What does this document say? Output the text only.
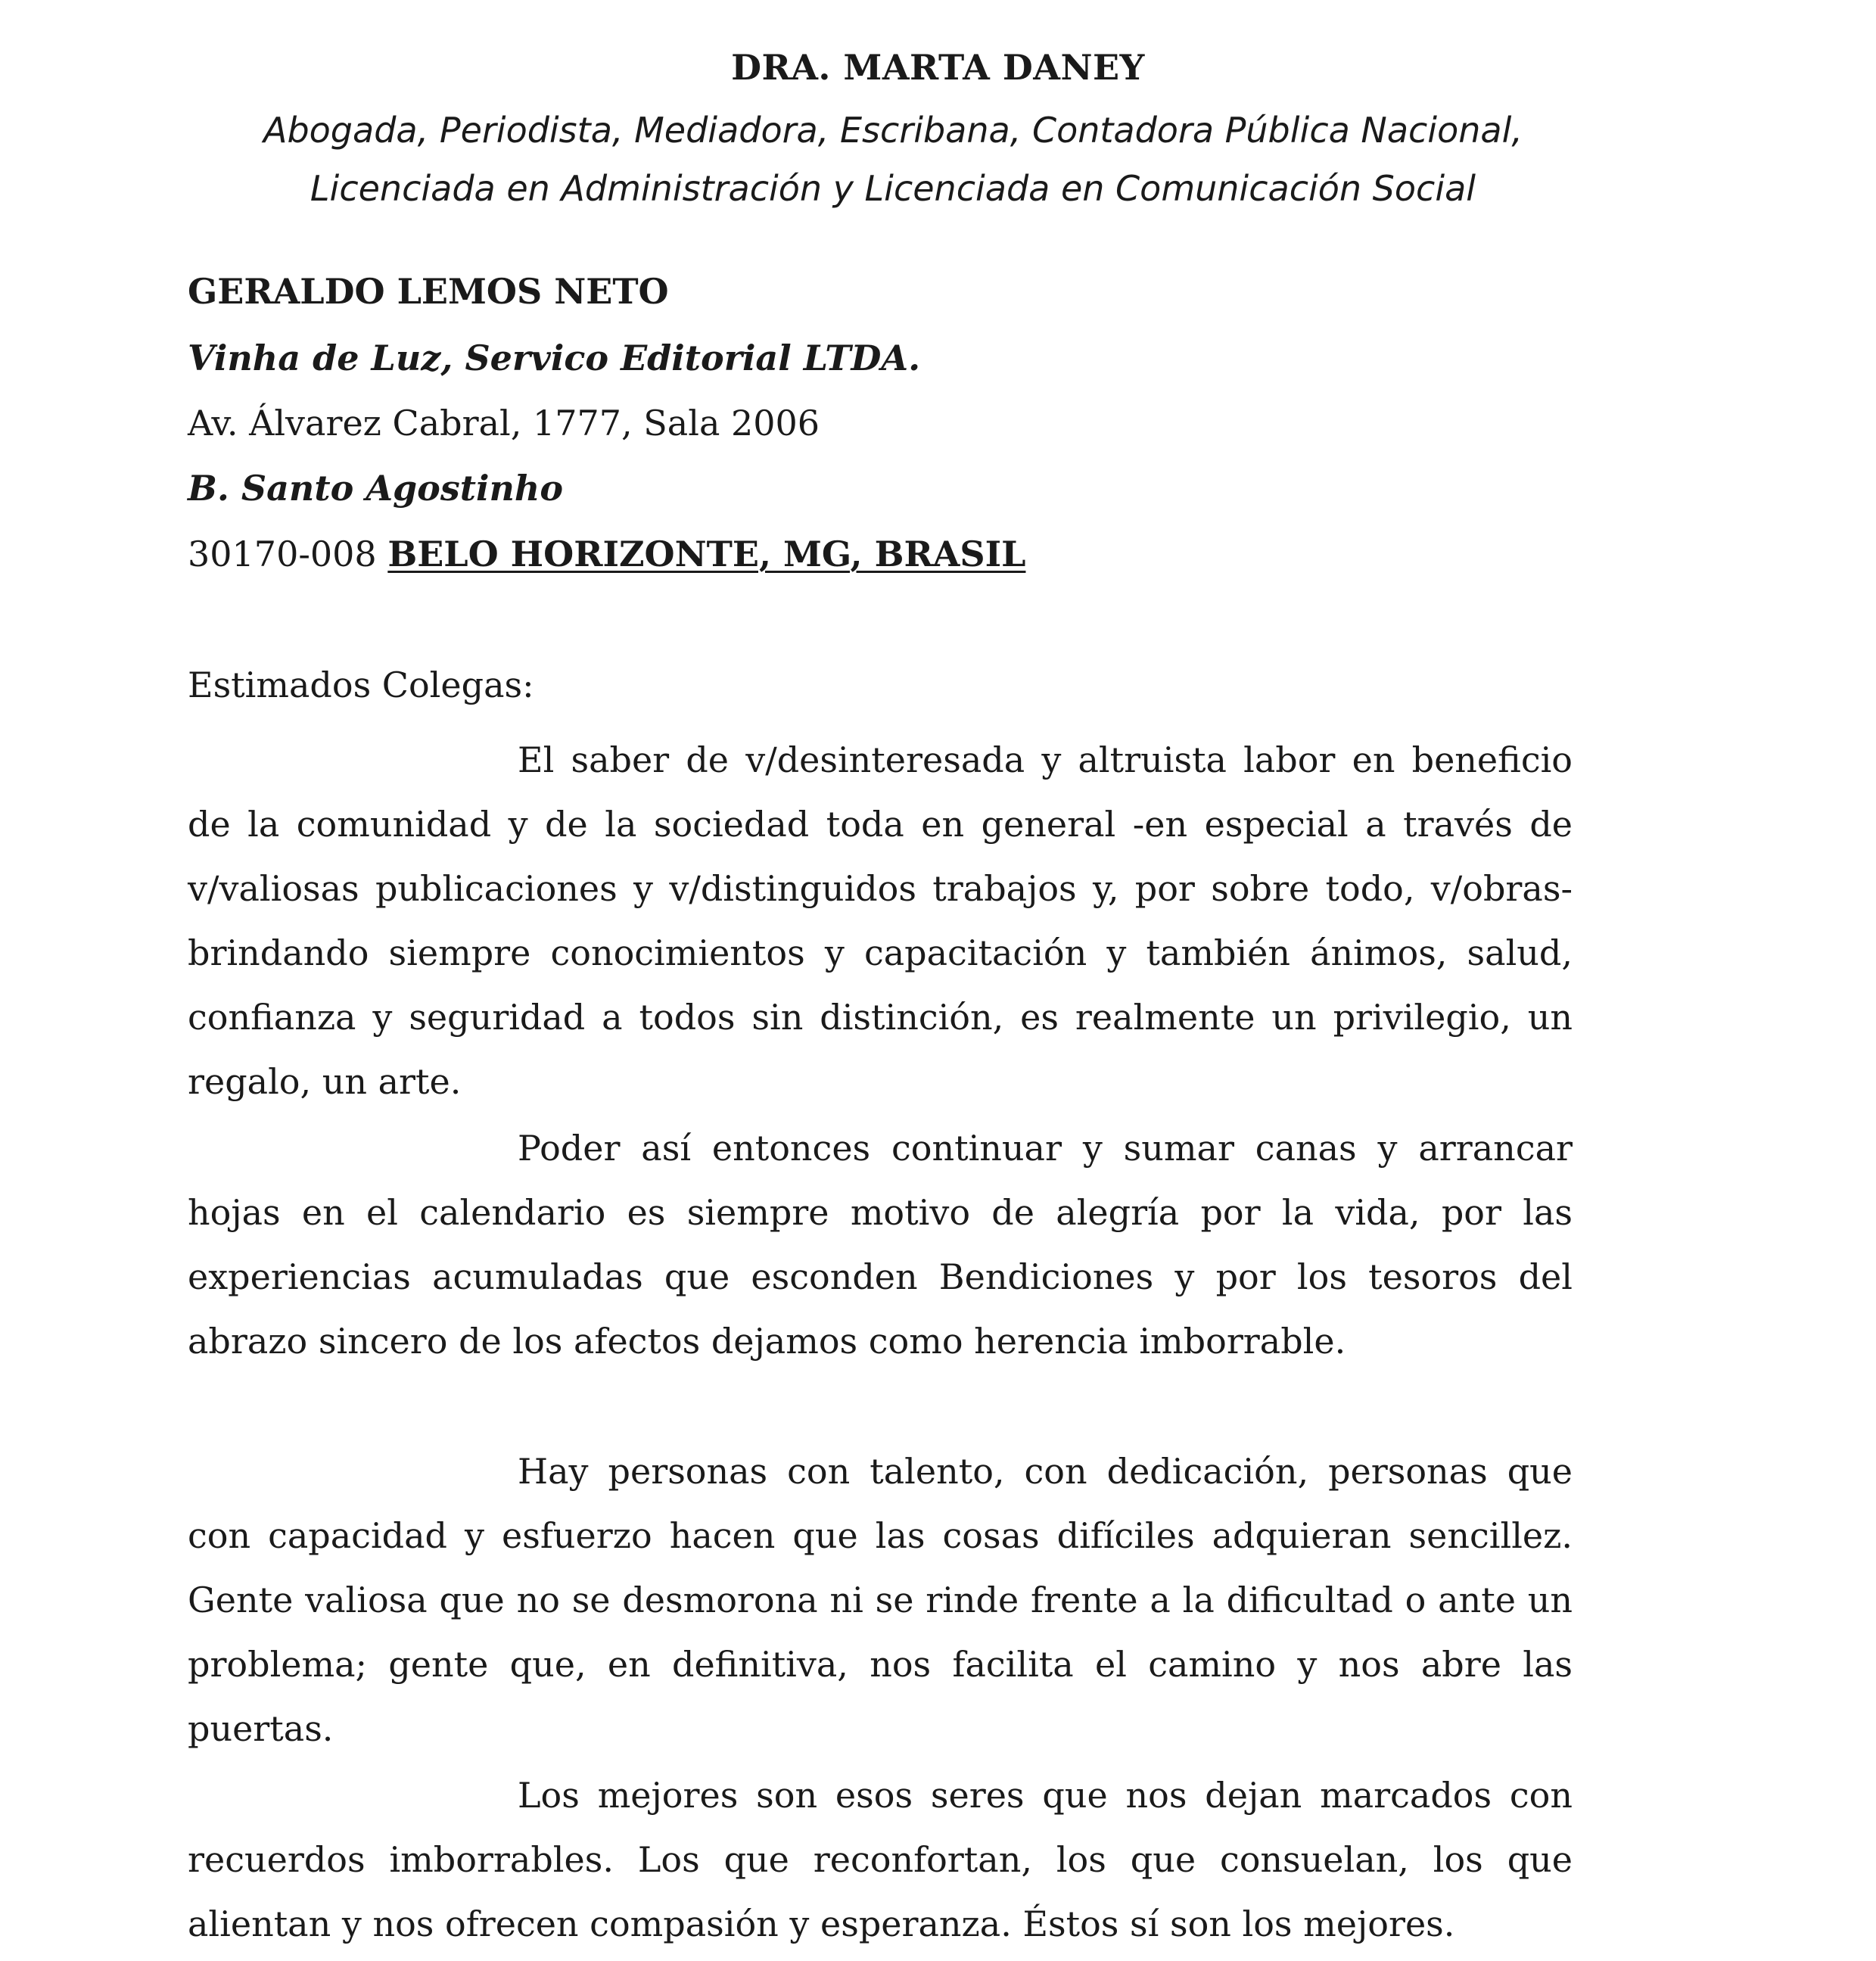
DRA. MARTA DANEY
Abogada, Periodista, Mediadora, Escribana, Contadora Pública Nacional,
Licenciada en Administración y Licenciada en Comunicación Social
GERALDO LEMOS NETO
Vinha de Luz, Servico Editorial LTDA.
Av. Álvarez Cabral, 1777, Sala 2006
B. Santo Agostinho
30170-008 BELO HORIZONTE, MG, BRASIL
Estimados Colegas:

El saber de v/desinteresada y altruista labor en beneficio de la comunidad y de la sociedad toda en general -en especial a través de v/valiosas publicaciones y v/distinguidos trabajos y, por sobre todo, v/obras- brindando siempre conocimientos y capacitación y también ánimos, salud, confianza y seguridad a todos sin distinción, es realmente un privilegio, un regalo, un arte.

Poder así entonces continuar y sumar canas y arrancar hojas en el calendario es siempre motivo de alegría por la vida, por las experiencias acumuladas que esconden Bendiciones y por los tesoros del abrazo sincero de los afectos dejamos como herencia imborrable.

Hay personas con talento, con dedicación, personas que con capacidad y esfuerzo hacen que las cosas difíciles adquieran sencillez. Gente valiosa que no se desmorona ni se rinde frente a la dificultad o ante un problema; gente que, en definitiva, nos facilita el camino y nos abre las puertas.

Los mejores son esos seres que nos dejan marcados con recuerdos imborrables. Los que reconfortan, los que consuelan, los que alientan y nos ofrecen compasión y esperanza. Éstos sí son los mejores.
